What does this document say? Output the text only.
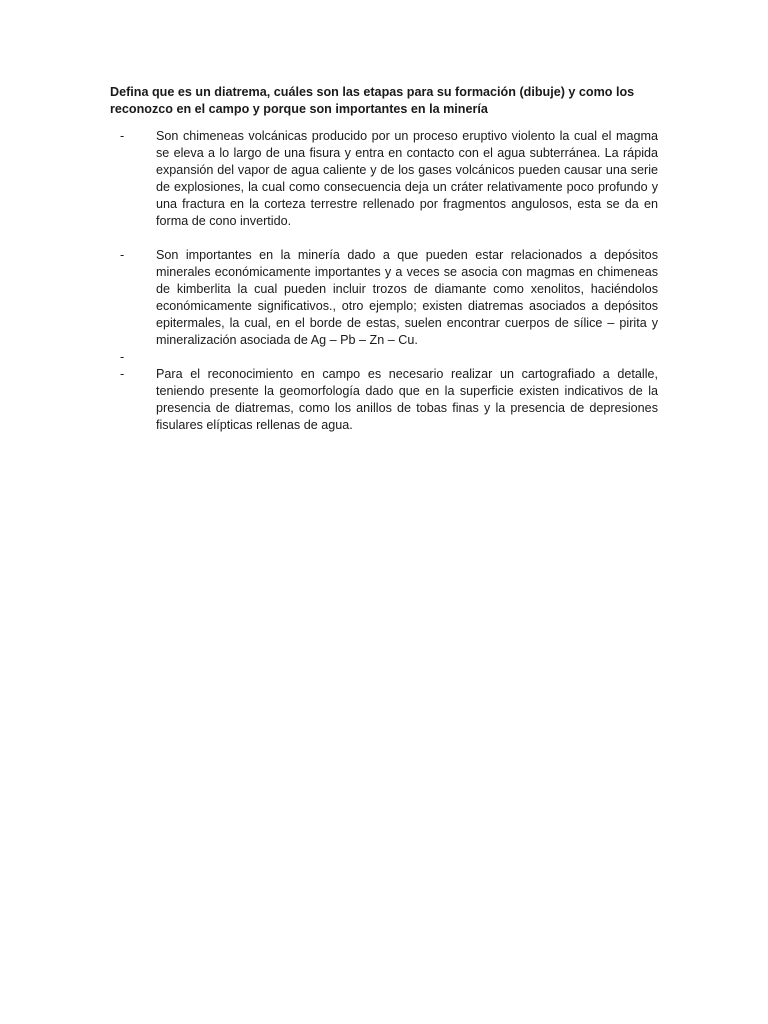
Defina que es un diatrema, cuáles son las etapas para su formación (dibuje) y como los reconozco en el campo y porque son importantes en la minería

-	Son chimeneas volcánicas producido por un proceso eruptivo violento la cual el magma se eleva a lo largo de una fisura y entra en contacto con el agua subterránea. La rápida expansión del vapor de agua caliente y de los gases volcánicos pueden causar una serie de explosiones, la cual como consecuencia deja un cráter relativamente poco profundo y una fractura en la corteza terrestre rellenado por fragmentos angulosos, esta se da en forma de cono invertido.
-	Son importantes en la minería dado a que pueden estar relacionados a depósitos minerales económicamente importantes y a veces se asocia con magmas en chimeneas de kimberlita la cual pueden incluir trozos de diamante como xenolitos, haciéndolos económicamente significativos., otro ejemplo; existen diatremas asociados a depósitos epitermales, la cual, en el borde de estas, suelen encontrar cuerpos de sílice – pirita y mineralización asociada de Ag – Pb – Zn – Cu.
-
-	Para el reconocimiento en campo es necesario realizar un cartografiado a detalle, teniendo presente la geomorfología dado que en la superficie existen indicativos de la presencia de diatremas, como los anillos de tobas finas y la presencia de depresiones fisulares elípticas rellenas de agua.
